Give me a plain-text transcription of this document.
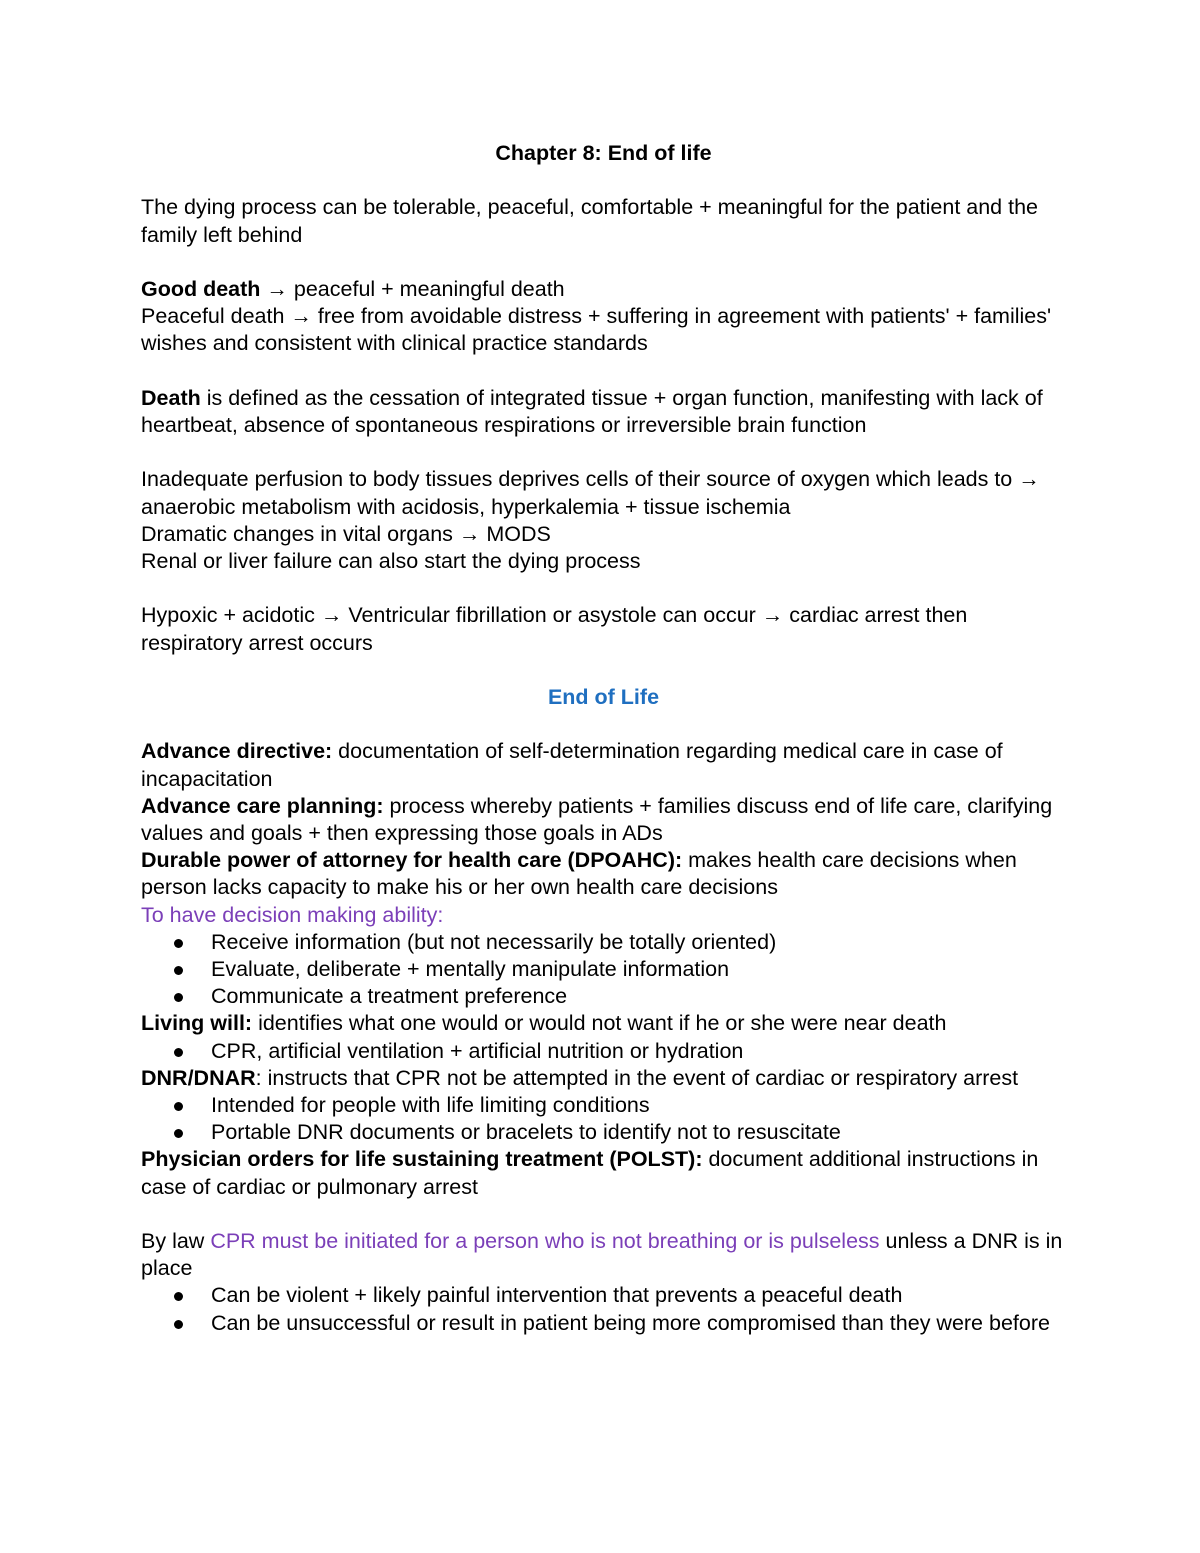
Chapter 8: End of life

The dying process can be tolerable, peaceful, comfortable + meaningful for the patient and the family left behind

Good death → peaceful + meaningful death

Peaceful death → free from avoidable distress + suffering in agreement with patients' + families' wishes and consistent with clinical practice standards

Death is defined as the cessation of integrated tissue + organ function, manifesting with lack of heartbeat, absence of spontaneous respirations or irreversible brain function

Inadequate perfusion to body tissues deprives cells of their source of oxygen which leads to → anaerobic metabolism with acidosis, hyperkalemia + tissue ischemia

Dramatic changes in vital organs → MODS

Renal or liver failure can also start the dying process

Hypoxic + acidotic → Ventricular fibrillation or asystole can occur → cardiac arrest then respiratory arrest occurs

End of Life

Advance directive: documentation of self-determination regarding medical care in case of incapacitation

Advance care planning: process whereby patients + families discuss end of life care, clarifying values and goals + then expressing those goals in ADs

Durable power of attorney for health care (DPOAHC): makes health care decisions when person lacks capacity to make his or her own health care decisions

To have decision making ability:

Receive information (but not necessarily be totally oriented)
Evaluate, deliberate + mentally manipulate information
Communicate a treatment preference

Living will: identifies what one would or would not want if he or she were near death

CPR, artificial ventilation + artificial nutrition or hydration

DNR/DNAR: instructs that CPR not be attempted in the event of cardiac or respiratory arrest

Intended for people with life limiting conditions
Portable DNR documents or bracelets to identify not to resuscitate

Physician orders for life sustaining treatment (POLST): document additional instructions in case of cardiac or pulmonary arrest

By law CPR must be initiated for a person who is not breathing or is pulseless unless a DNR is in place

Can be violent + likely painful intervention that prevents a peaceful death
Can be unsuccessful or result in patient being more compromised than they were before
